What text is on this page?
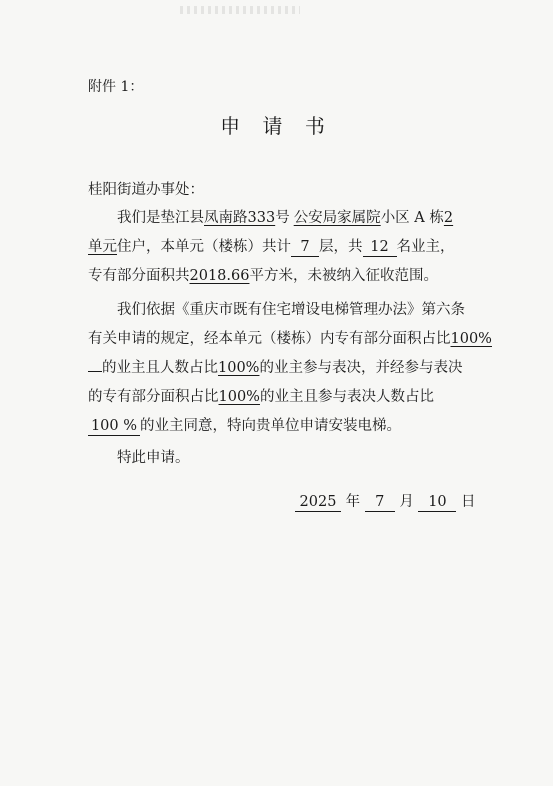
附件 1：
申 请 书
桂阳街道办事处：
我们是垫江县凤南路333号 公安局家属院小区 A 栋2
单元住户，本单元（楼栋）共计 7 层，共 12 名业主，
专有部分面积共2018.66平方米，未被纳入征收范围。
我们依据《重庆市既有住宅增设电梯管理办法》第六条
有关申请的规定，经本单元（楼栋）内专有部分面积占比100%
的业主且人数占比100%的业主参与表决，并经参与表决
的专有部分面积占比100%的业主且参与表决人数占比
100 % 的业主同意，特向贵单位申请安装电梯。
特此申请。
2025 年 7 月 10 日
